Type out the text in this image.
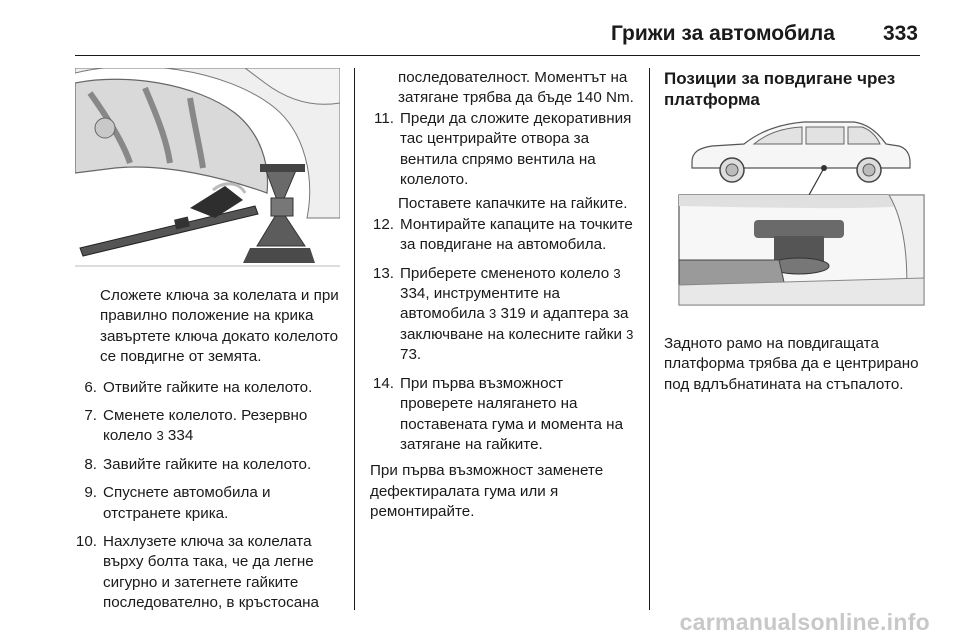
Грижи за автомобила 333

Сложете ключа за колелата и при правилно положение на крика завъртете ключа докато колелото се повдигне от земята.

6. Отвийте гайките на колелото.
7. Сменете колелото. Резервно колело 3 334
8. Завийте гайките на колелото.
9. Спуснете автомобила и отстранете крика.
10. Нахлузете ключа за колелата върху болта така, че да легне сигурно и затегнете гайките последователно, в кръстосана

последователност. Моментът на затягане трябва да бъде 140 Nm.

11. Преди да сложите декоративния тас центрирайте отвора за вентила спрямо вентила на колелото.

Поставете капачките на гайките.

12. Монтирайте капаците на точките за повдигане на автомобила.
13. Приберете смененото колело 3 334, инструментите на автомобила 3 319 и адаптера за заключване на колесните гайки 3 73.
14. При първа възможност проверете налягането на поставената гума и момента на затягане на гайките.

При първа възможност заменете дефектиралата гума или я ремонтирайте.

Позиции за повдигане чрез платформа

Задното рамо на повдигащата платформа трябва да е центрирано под вдлъбнатината на стъпалото.

carmanualsonline.info
